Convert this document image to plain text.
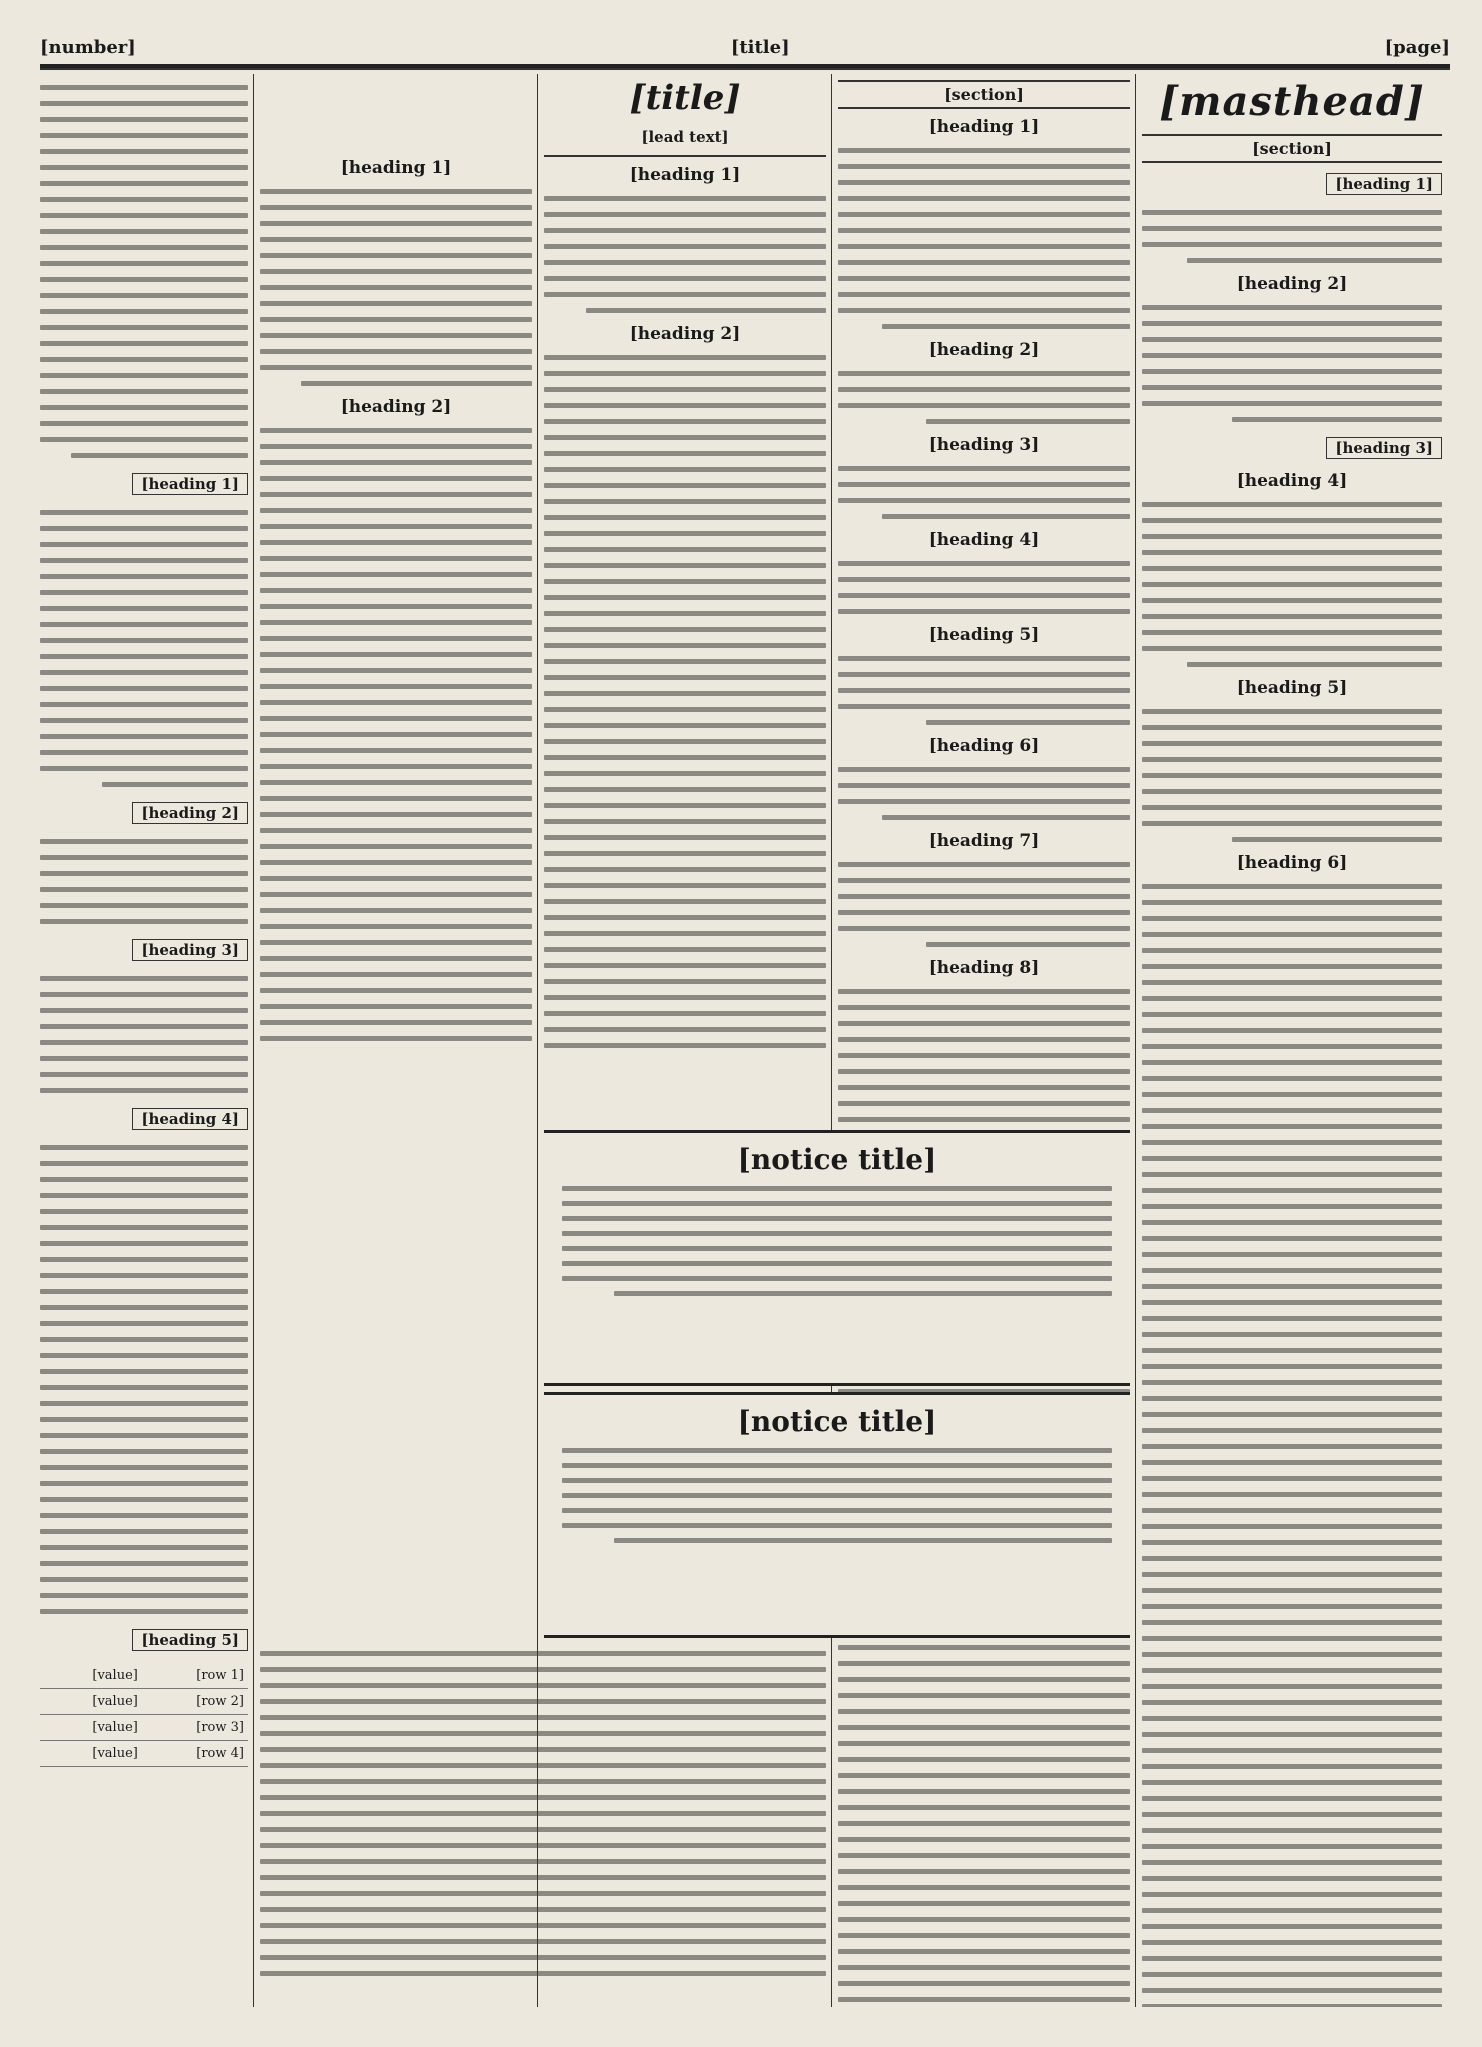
[page]
[title]
[number]
[masthead]
[section]
[heading 1]
[heading 2]
[heading 3]
[heading 4]
[heading 5]
[heading 6]
[section]
[heading 1]
[heading 2]
[heading 3]
[heading 4]
[heading 5]
[heading 6]
[heading 7]
[heading 8]
[title]
[lead text]
[heading 1]
[heading 2]
[heading 1]
[heading 2]
[heading 1]
[heading 2]
[heading 3]
[heading 4]
[heading 5]
[row 1]	[value]
[row 2]	[value]
[row 3]	[value]
[row 4]	[value]
[notice title]
[notice title]
